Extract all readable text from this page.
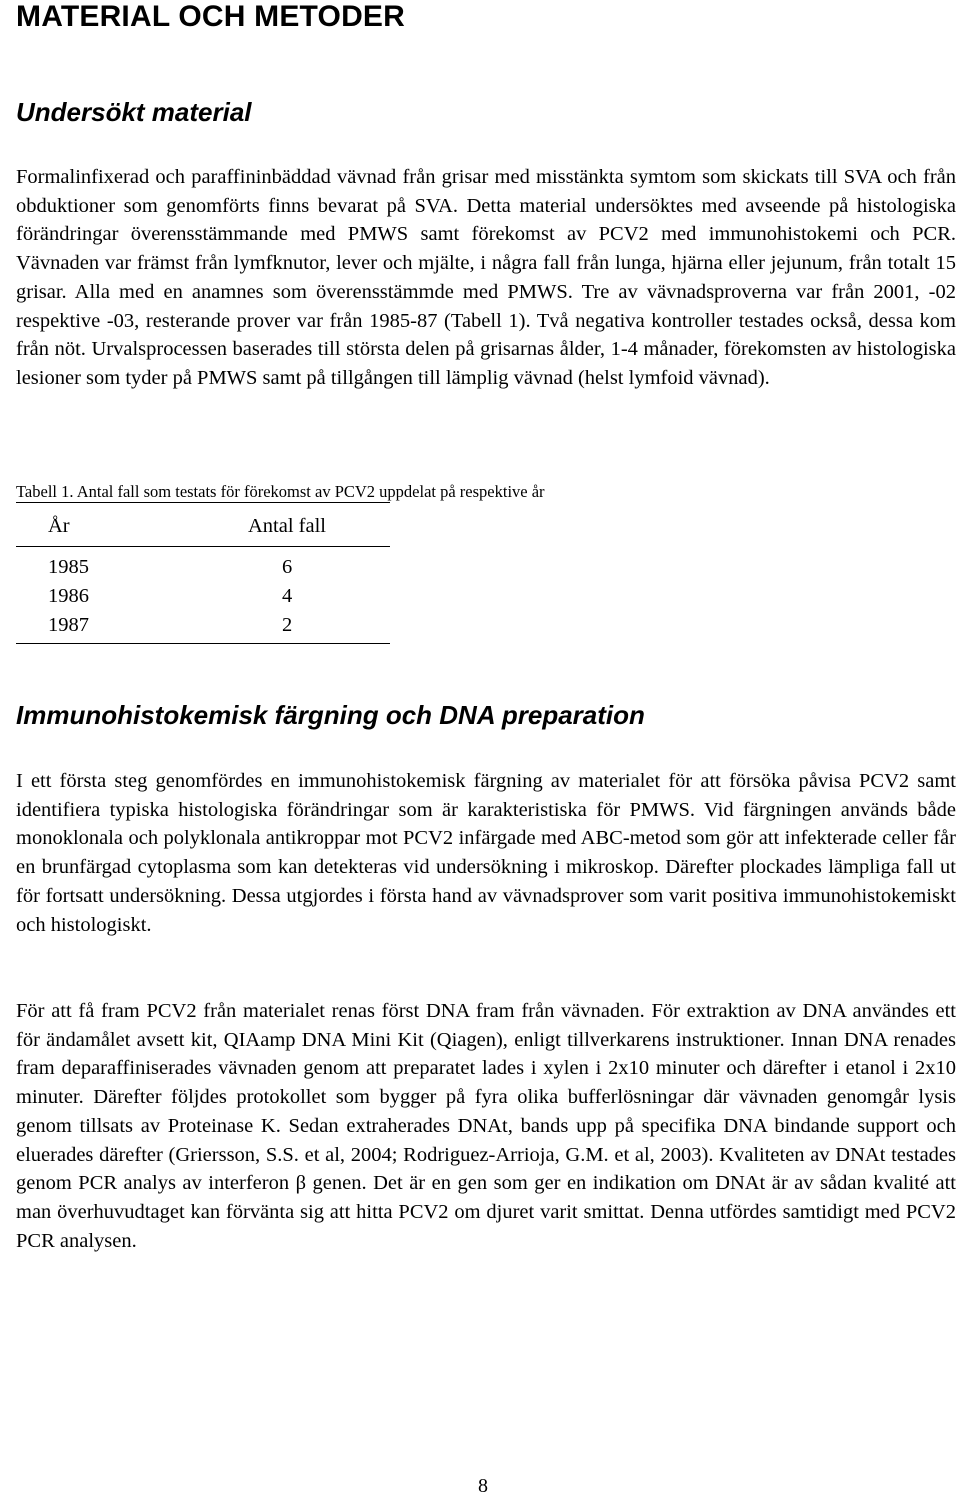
MATERIAL OCH METODER
Undersökt material

Formalinfixerad och paraffininbäddad vävnad från grisar med misstänkta symtom som skickats till SVA och från obduktioner som genomförts finns bevarat på SVA. Detta material undersöktes med avseende på histologiska förändringar överensstämmande med PMWS samt förekomst av PCV2 med immunohistokemi och PCR. Vävnaden var främst från lymfknutor, lever och mjälte, i några fall från lunga, hjärna eller jejunum, från totalt 15 grisar. Alla med en anamnes som överensstämmde med PMWS. Tre av vävnadsproverna var från 2001, -02 respektive -03, resterande prover var från 1985-87 (Tabell 1). Två negativa kontroller testades också, dessa kom från nöt. Urvalsprocessen baserades till största delen på grisarnas ålder, 1-4 månader, förekomsten av histologiska lesioner som tyder på PMWS samt på tillgången till lämplig vävnad (helst lymfoid vävnad).

Tabell 1. Antal fall som testats för förekomst av PCV2 uppdelat på respektive år

År	Antal fall
1985	6
1986	4
1987	2
Immunohistokemisk färgning och DNA preparation

I ett första steg genomfördes en immunohistokemisk färgning av materialet för att försöka påvisa PCV2 samt identifiera typiska histologiska förändringar som är karakteristiska för PMWS. Vid färgningen används både monoklonala och polyklonala antikroppar mot PCV2 infärgade med ABC-metod som gör att infekterade celler får en brunfärgad cytoplasma som kan detekteras vid undersökning i mikroskop. Därefter plockades lämpliga fall ut för fortsatt undersökning. Dessa utgjordes i första hand av vävnadsprover som varit positiva immunohistokemiskt och histologiskt.

För att få fram PCV2 från materialet renas först DNA fram från vävnaden. För extraktion av DNA användes ett för ändamålet avsett kit, QIAamp DNA Mini Kit (Qiagen), enligt tillverkarens instruktioner. Innan DNA renades fram deparaffiniserades vävnaden genom att preparatet lades i xylen i 2x10 minuter och därefter i etanol i 2x10 minuter. Därefter följdes protokollet som bygger på fyra olika bufferlösningar där vävnaden genomgår lysis genom tillsats av Proteinase K. Sedan extraherades DNAt, bands upp på specifika DNA bindande support och eluerades därefter (Griersson, S.S. et al, 2004; Rodriguez-Arrioja, G.M. et al, 2003). Kvaliteten av DNAt testades genom PCR analys av interferon β genen. Det är en gen som ger en indikation om DNAt är av sådan kvalité att man överhuvudtaget kan förvänta sig att hitta PCV2 om djuret varit smittat. Denna utfördes samtidigt med PCV2 PCR analysen.

8
